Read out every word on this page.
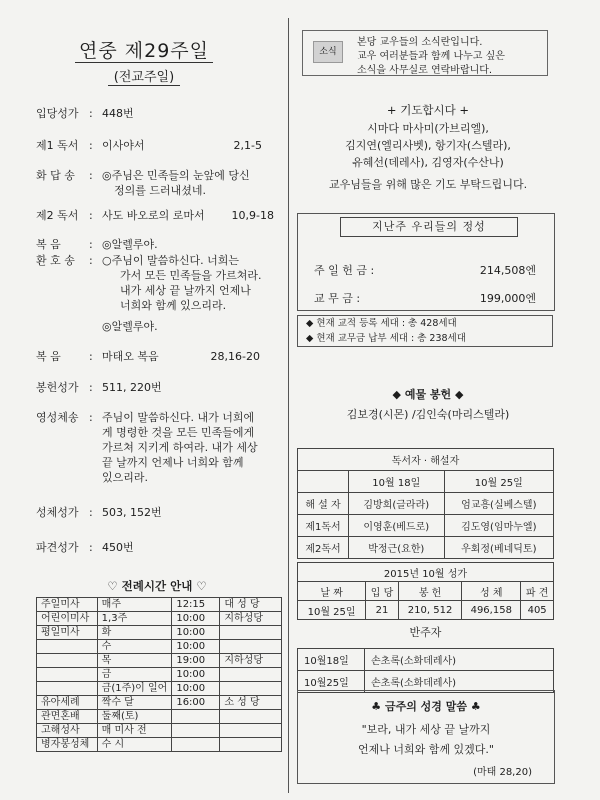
연중 제29주일
(전교주일)
입당성가 : 448번
제1 독서 : 이사야서	2,1-5
화 답 송	: ◎주님은 민족들의 눈앞에 당신
정의를 드러내셨네.
제2 독서 : 사도 바오로의 로마서	10,9-18
복 음	: ◎알렐루야.
환 호 송	: ○주님이 말씀하신다. 너희는
가서 모든 민족들을 가르쳐라.
내가 세상 끝 날까지 언제나
너희와 함께 있으리라.
◎알렐루야.
복 음	: 마태오 복음	28,16-20
봉헌성가 : 511, 220번
영성체송 : 주님이 말씀하신다. 내가 너희에
게 명령한 것을 모든 민족들에게
가르쳐 지키게 하여라. 내가 세상
끝 날까지 언제나 너희와 함께
있으리라.
성체성가 : 503, 152번
파견성가 : 450번
♡ 전례시간 안내 ♡
주일미사	매주	12:15	대 성 당
어린이미사	1,3주	10:00	지하성당
평일미사	화	10:00	
	수	10:00	
	목	19:00	지하성당
	금	10:00	
	금(1주)이 일어	10:00	
유아세례	짝수 달	16:00	소 성 당
관면혼배	둘째(토)		
고해성사	매 미사 전		
병자봉성체	수 시		
소식
본당 교우들의 소식란입니다.
교우 여러분들과 함께 나누고 싶은
소식을 사무실로 연락바랍니다.
+ 기도합시다 +
시마다 마사미(가브리엘),
김지연(엘리사벳), 항기자(스텔라),
유혜선(데레사), 김영자(수산나)
교우님들을 위해 많은 기도 부탁드립니다.
지난주 우리들의 정성
주 일 헌 금 :	214,508엔
교 무 금 :	199,000엔
◆ 현재 교적 등록 세대 : 총 428세대
◆ 현재 교무금 납부 세대 : 총 238세대
◆ 예물 봉헌 ◆
김보경(시몬) /김인숙(마리스텔라)
독서자 · 해설자		
	10월 18일	10월 25일
해 설 자	김방희(글라라)	엄교흥(실베스텔)
제1독서	이영훈(베드로)	김도영(임마누엘)
제2독서	박정근(요한)	우회정(베네딕토)
2015년 10월 성가				
날 짜	입 당	봉 헌	성 체	파 견
10월 25일	21	210, 512	496,158	405
반주자
10월18일	손초록(소화데레사)
10월25일	손초록(소화데레사)
♣ 금주의 성경 말씀 ♣
"보라, 내가 세상 끝 날까지
언제나 너희와 함께 있겠다."
(마태 28,20)
